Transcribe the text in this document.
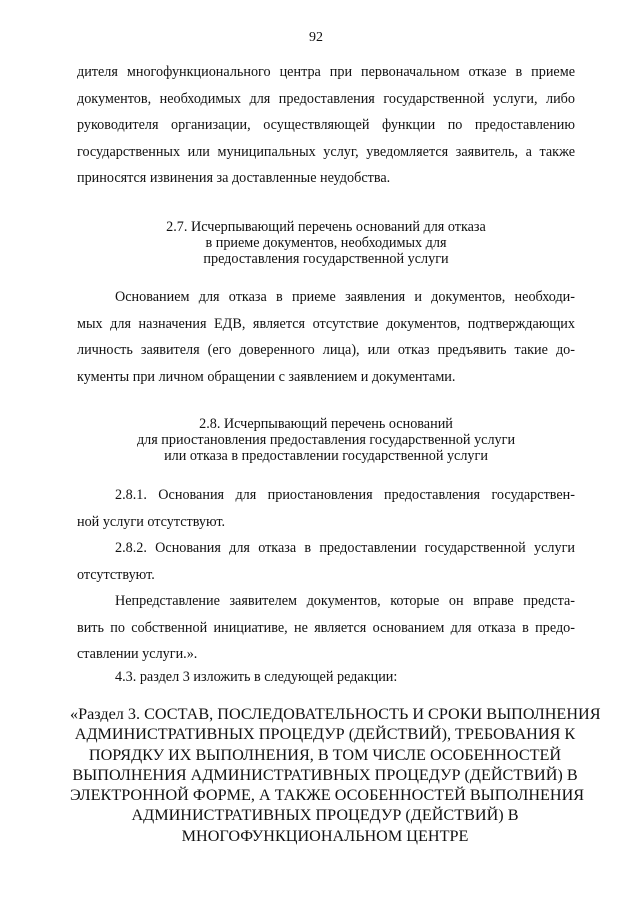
92
дителя многофункционального центра при первоначальном отказе в приеме
документов, необходимых для предоставления государственной услуги, либо
руководителя организации, осуществляющей функции по предоставлению
государственных или муниципальных услуг, уведомляется заявитель, а также
приносятся извинения за доставленные неудобства.
2.7. Исчерпывающий перечень оснований для отказа
в приеме документов, необходимых для
предоставления государственной услуги
Основанием для отказа в приеме заявления и документов, необходи-
мых для назначения ЕДВ, является отсутствие документов, подтверждающих
личность заявителя (его доверенного лица), или отказ предъявить такие до-
кументы при личном обращении с заявлением и документами.
2.8. Исчерпывающий перечень оснований
для приостановления предоставления государственной услуги
или отказа в предоставлении государственной услуги
2.8.1. Основания для приостановления предоставления государствен-
ной услуги отсутствуют.
2.8.2. Основания для отказа в предоставлении государственной услуги
отсутствуют.
Непредставление заявителем документов, которые он вправе предста-
вить по собственной инициативе, не является основанием для отказа в предо-
ставлении услуги.».
4.3. раздел 3 изложить в следующей редакции:
«Раздел 3. СОСТАВ, ПОСЛЕДОВАТЕЛЬНОСТЬ И СРОКИ ВЫПОЛНЕНИЯ
АДМИНИСТРАТИВНЫХ ПРОЦЕДУР (ДЕЙСТВИЙ), ТРЕБОВАНИЯ К
ПОРЯДКУ ИХ ВЫПОЛНЕНИЯ, В ТОМ ЧИСЛЕ ОСОБЕННОСТЕЙ
ВЫПОЛНЕНИЯ АДМИНИСТРАТИВНЫХ ПРОЦЕДУР (ДЕЙСТВИЙ) В
ЭЛЕКТРОННОЙ ФОРМЕ, А ТАКЖЕ ОСОБЕННОСТЕЙ ВЫПОЛНЕНИЯ
АДМИНИСТРАТИВНЫХ ПРОЦЕДУР (ДЕЙСТВИЙ) В
МНОГОФУНКЦИОНАЛЬНОМ ЦЕНТРЕ
